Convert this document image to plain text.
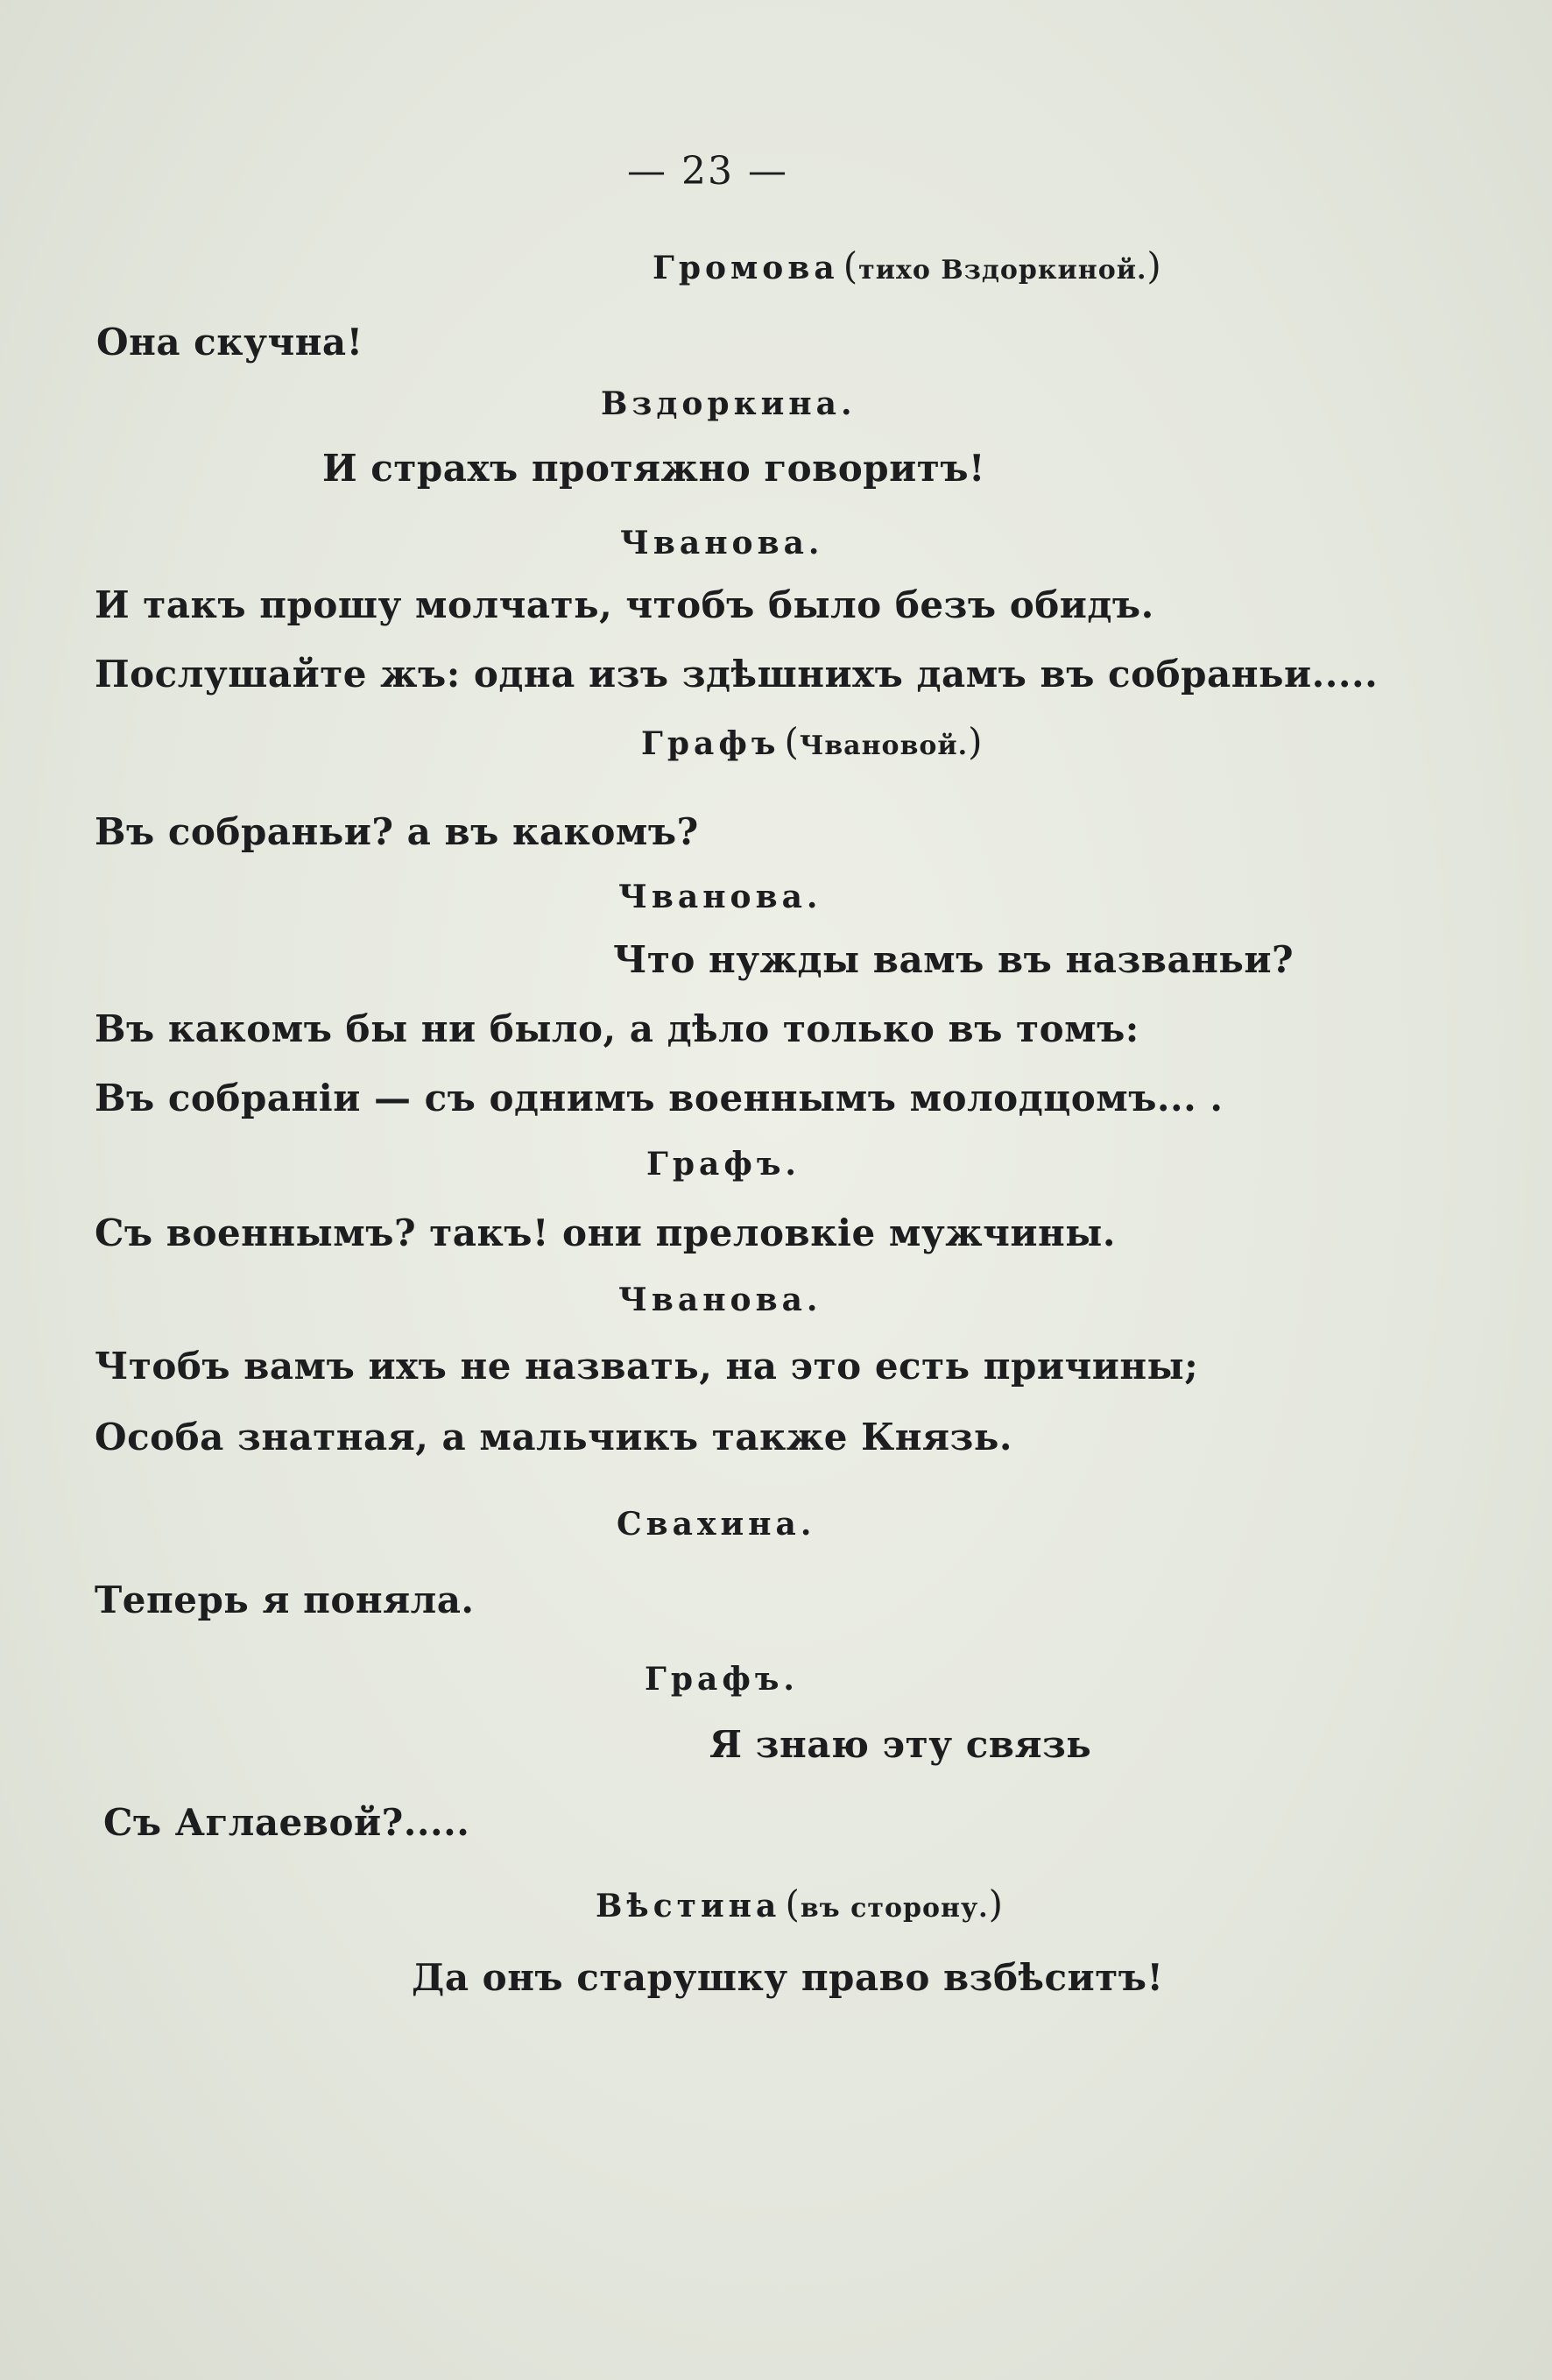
— 23 —
Громова ( тихо Вздоркиной. )
Она скучна!
Вздоркина.
И страхъ протяжно говоритъ!
Чванова.
И такъ прошу молчать, чтобъ было безъ обидъ.
Послушайте жъ: одна изъ здѣшнихъ дамъ въ собраньи.....
Графъ ( Чвановой. )
Въ собраньи? а въ какомъ?
Чванова.
Что нужды вамъ въ названьи?
Въ какомъ бы ни было, а дѣло только въ томъ:
Въ собраніи — съ однимъ военнымъ молодцомъ... .
Графъ.
Съ военнымъ? такъ! они преловкіе мужчины.
Чванова.
Чтобъ вамъ ихъ не назвать, на это есть причины;
Особа знатная, а мальчикъ также Князь.
Свахина.
Теперь я поняла.
Графъ.
Я знаю эту связь
Съ Аглаевой?.....
Вѣстина ( въ сторону. )
Да онъ старушку право взбѣситъ!
